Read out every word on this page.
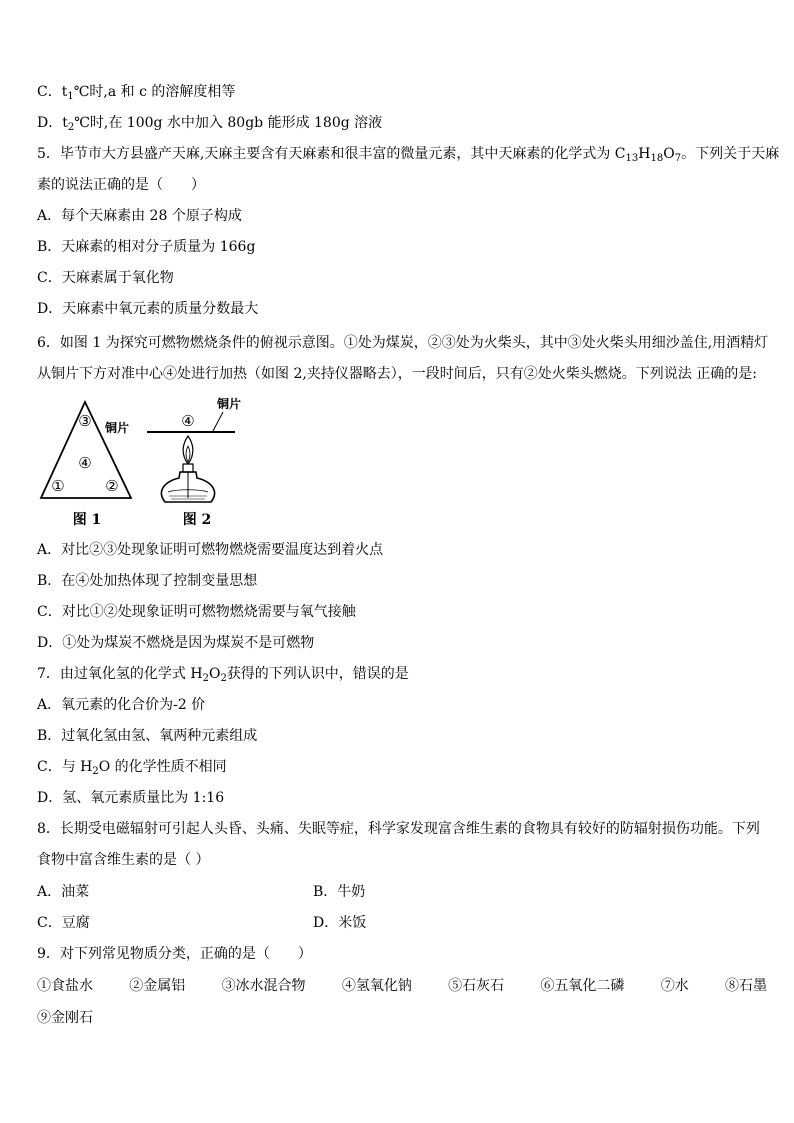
C．$t_1℃$时,a 和 c 的溶解度相等
D．$t_2℃$时,在 100g 水中加入 80gb 能形成 180g 溶液
5．毕节市大方县盛产天麻,天麻主要含有天麻素和很丰富的微量元素，其中天麻素的化学式为 $C_{13}H_{18}O_7$。下列关于天麻
素的说法正确的是（　　）
A．每个天麻素由 28 个原子构成
B．天麻素的相对分子质量为 166g
C．天麻素属于氧化物
D．天麻素中氧元素的质量分数最大
6．如图 1 为探究可燃物燃烧条件的俯视示意图。①处为煤炭，②③处为火柴头，其中③处火柴头用细沙盖住,用酒精灯
从铜片下方对准中心④处进行加热（如图 2,夹持仪器略去），一段时间后，只有②处火柴头燃烧。下列说法 正确的是:
③
④
①	②
铜片
图 1
铜片
④
图 2
A．对比②③处现象证明可燃物燃烧需要温度达到着火点
B．在④处加热体现了控制变量思想
C．对比①②处现象证明可燃物燃烧需要与氧气接触
D．①处为煤炭不燃烧是因为煤炭不是可燃物
7．由过氧化氢的化学式 $H_2O_2$获得的下列认识中，错误的是
A．氧元素的化合价为-2 价
B．过氧化氢由氢、氧两种元素组成
C．与 $H_2O$ 的化学性质不相同
D．氢、氧元素质量比为 1:16
8．长期受电磁辐射可引起人头昏、头痛、失眠等症，科学家发现富含维生素的食物具有较好的防辐射损伤功能。下列
食物中富含维生素的是（ ）
A．油菜	B．牛奶
C．豆腐	D．米饭
9．对下列常见物质分类，正确的是（　　）
①食盐水	②金属铝	③冰水混合物	④氢氧化钠	⑤石灰石	⑥五氧化二磷	⑦水	⑧石墨
⑨金刚石
